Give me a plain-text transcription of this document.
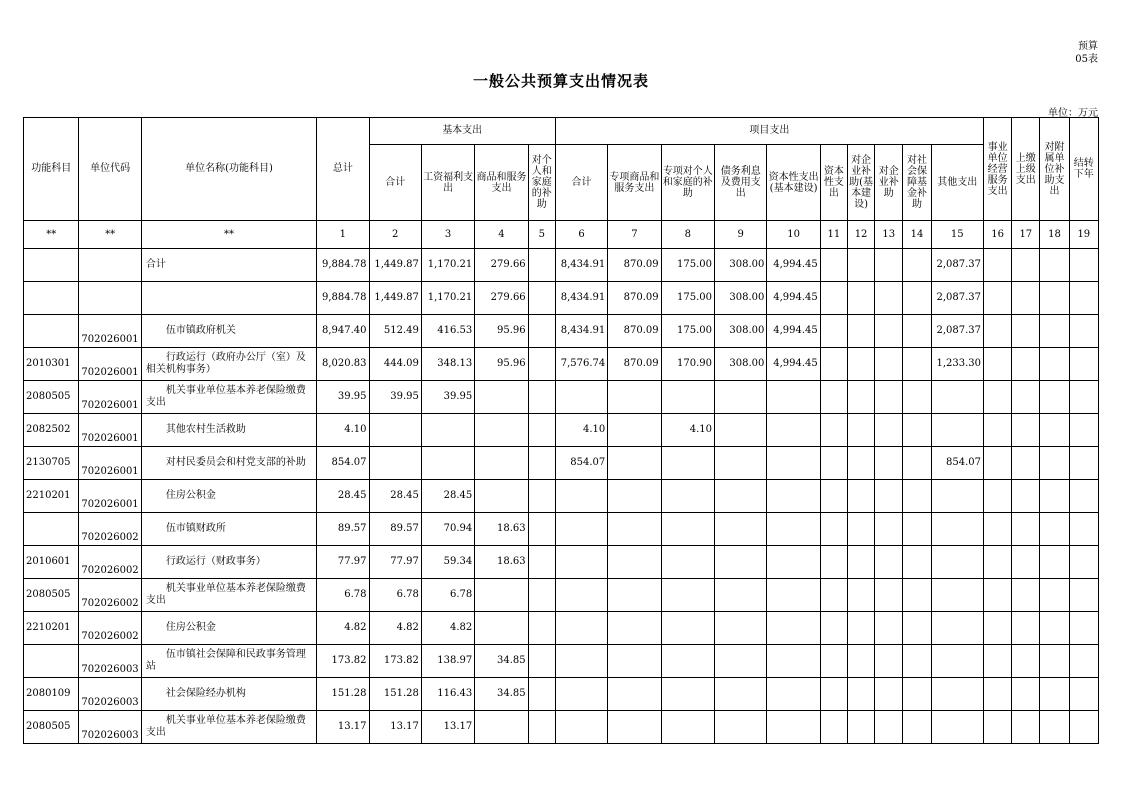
预算
05表
一般公共预算支出情况表
单位：万元
功能科目	单位代码	单位名称(功能科目)	总计	基本支出				项目支出										事业单位经营服务支出	上缴上级支出	对附属单位补助支出	结转下年
				合计	工资福利支出	商品和服务支出	对个人和家庭的补助	合计	专项商品和服务支出	专项对个人和家庭的补助	债务利息及费用支出	资本性支出(基本建设)	资本性支出	对企业补助(基本建设)	对企业补助	对社会保障基金补助	其他支出				
**	**	**	1	2	3	4	5	6	7	8	9	10	11	12	13	14	15	16	17	18	19
		合计	9,884.78	1,449.87	1,170.21	279.66		8,434.91	870.09	175.00	308.00	4,994.45					2,087.37				
			9,884.78	1,449.87	1,170.21	279.66		8,434.91	870.09	175.00	308.00	4,994.45					2,087.37				
	702026001	伍市镇政府机关	8,947.40	512.49	416.53	95.96		8,434.91	870.09	175.00	308.00	4,994.45					2,087.37				
2010301	702026001	行政运行（政府办公厅（室）及相关机构事务）	8,020.83	444.09	348.13	95.96		7,576.74	870.09	170.90	308.00	4,994.45					1,233.30				
2080505	702026001	机关事业单位基本养老保险缴费支出	39.95	39.95	39.95																
2082502	702026001	其他农村生活救助	4.10					4.10		4.10											
2130705	702026001	对村民委员会和村党支部的补助	854.07					854.07									854.07				
2210201	702026001	住房公积金	28.45	28.45	28.45																
	702026002	伍市镇财政所	89.57	89.57	70.94	18.63															
2010601	702026002	行政运行（财政事务）	77.97	77.97	59.34	18.63															
2080505	702026002	机关事业单位基本养老保险缴费支出	6.78	6.78	6.78																
2210201	702026002	住房公积金	4.82	4.82	4.82																
	702026003	伍市镇社会保障和民政事务管理站	173.82	173.82	138.97	34.85															
2080109	702026003	社会保险经办机构	151.28	151.28	116.43	34.85															
2080505	702026003	机关事业单位基本养老保险缴费支出	13.17	13.17	13.17																
